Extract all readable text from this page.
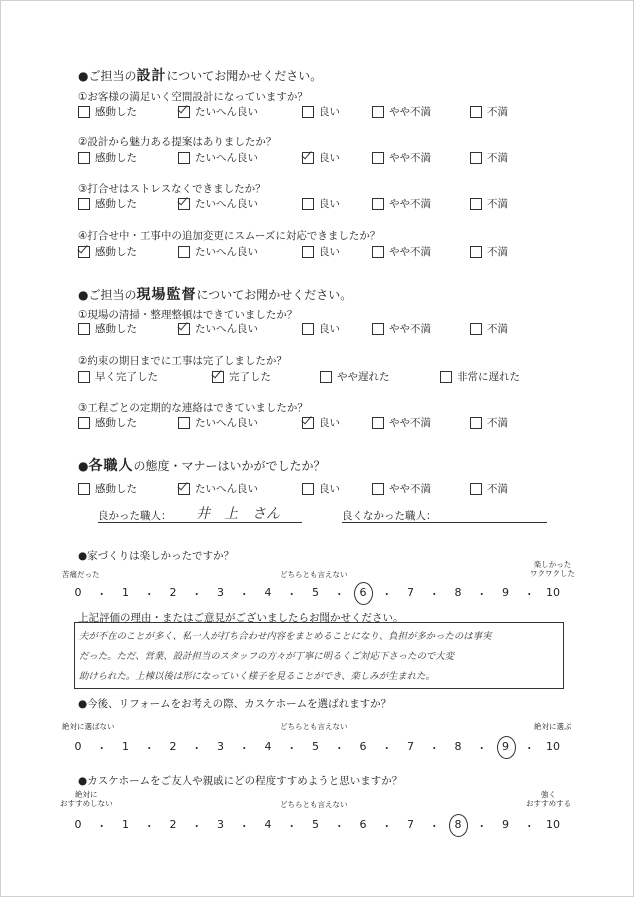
●ご担当の設計についてお聞かせください。
①お客様の満足いく空間設計になっていますか？
②設計から魅力ある提案はありましたか？
③打合せはストレスなくできましたか？
④打合せ中・工事中の追加変更にスムーズに対応できましたか？
感動した	たいへん良い	良い	やや不満	不満
感動した	たいへん良い	良い	やや不満	不満
感動した	たいへん良い	良い	やや不満	不満
感動した	たいへん良い	良い	やや不満	不満
●ご担当の現場監督についてお聞かせください。
①現場の清掃・整理整頓はできていましたか？
感動した	たいへん良い	良い	やや不満	不満
②約束の期日までに工事は完了しましたか？
早く完了した	完了した	やや遅れた	非常に遅れた
③工程ごとの定期的な連絡はできていましたか？
感動した	たいへん良い	良い	やや不満	不満
●各職人の態度・マナーはいかがでしたか？
感動した	たいへん良い	良い	やや不満	不満
良かった職人： 井　上　さん	良くなかった職人：
●家づくりは楽しかったですか？
苦痛だった	どちらとも言えない
楽しかった
ワクワクした
0 ・ 1 ・ 2 ・ 3 ・ 4 ・ 5 ・ 6 ・ 7 ・ 8 ・ 9 ・ 10
上記評価の理由・またはご意見がございましたらお聞かせください。
夫が不在のことが多く、私一人が打ち合わせ内容をまとめることになり、負担が多かったのは事実
だった。ただ、営業、設計担当のスタッフの方々が丁寧に明るくご対応下さったので大変
助けられた。上棟以後は形になっていく様子を見ることができ、楽しみが生まれた。
●今後、リフォームをお考えの際、カスケホームを選ばれますか？
絶対に選ばない	どちらとも言えない	絶対に選ぶ
0 ・ 1 ・ 2 ・ 3 ・ 4 ・ 5 ・ 6 ・ 7 ・ 8 ・ 9 ・ 10
●カスケホームをご友人や親戚にどの程度すすめようと思いますか？
絶対に
おすすめしない	どちらとも言えない
強く
おすすめする
0 ・ 1 ・ 2 ・ 3 ・ 4 ・ 5 ・ 6 ・ 7 ・ 8 ・ 9 ・ 10
